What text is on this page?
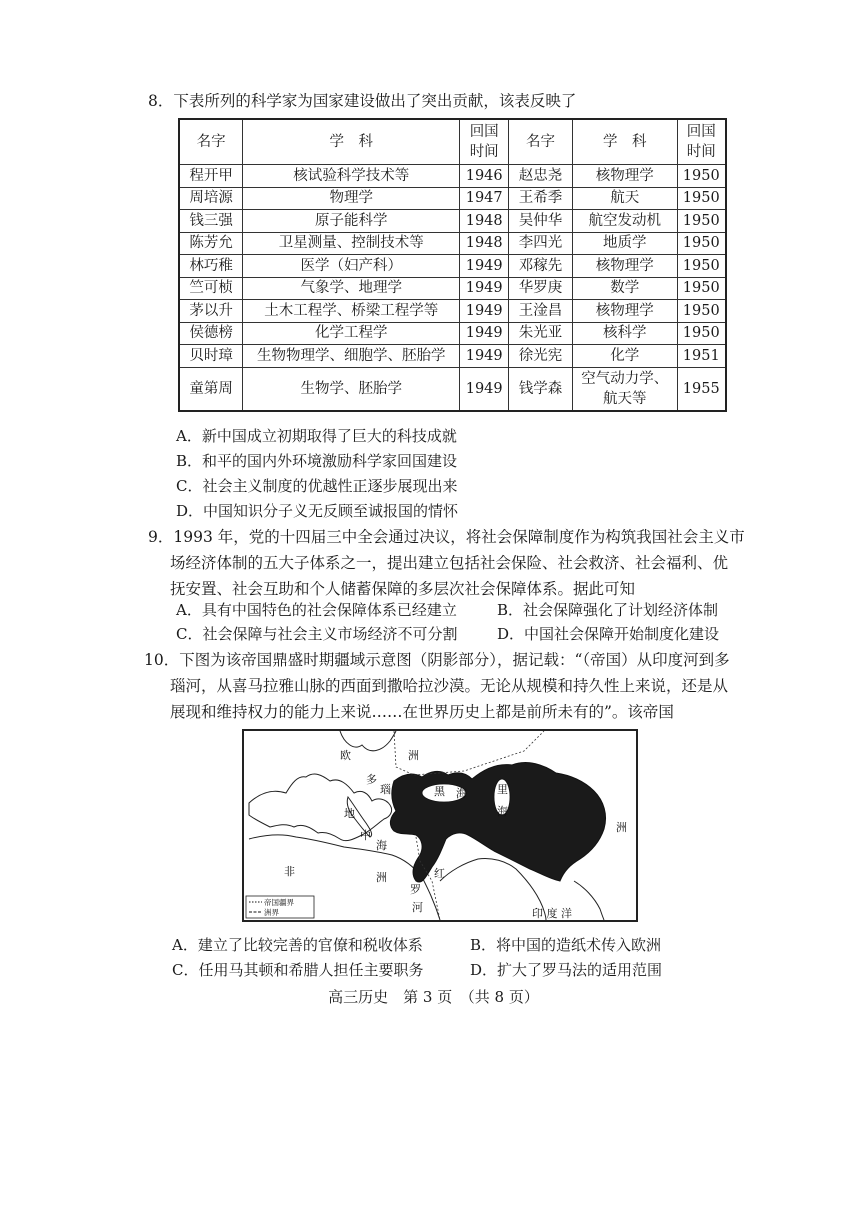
8．下表所列的科学家为国家建设做出了突出贡献，该表反映了
名字	学　科	回国时间	名字	学　科	回国时间
程开甲	核试验科学技术等	1946	赵忠尧	核物理学	1950
周培源	物理学	1947	王希季	航天	1950
钱三强	原子能科学	1948	吴仲华	航空发动机	1950
陈芳允	卫星测量、控制技术等	1948	李四光	地质学	1950
林巧稚	医学（妇产科）	1949	邓稼先	核物理学	1950
竺可桢	气象学、地理学	1949	华罗庚	数学	1950
茅以升	土木工程学、桥梁工程学等	1949	王淦昌	核物理学	1950
侯德榜	化学工程学	1949	朱光亚	核科学	1950
贝时璋	生物物理学、细胞学、胚胎学	1949	徐光宪	化学	1951
童第周	生物学、胚胎学	1949	钱学森	空气动力学、航天等	1955
A．新中国成立初期取得了巨大的科技成就
B．和平的国内外环境激励科学家回国建设
C．社会主义制度的优越性正逐步展现出来
D．中国知识分子义无反顾至诚报国的情怀
9．1993 年，党的十四届三中全会通过决议，将社会保障制度作为构筑我国社会主义市
场经济体制的五大子体系之一，提出建立包括社会保险、社会救济、社会福利、优
抚安置、社会互助和个人储蓄保障的多层次社会保障体系。据此可知
A．具有中国特色的社会保障体系已经建立	B．社会保障强化了计划经济体制
C．社会保障与社会主义市场经济不可分割	D．中国社会保障开始制度化建设
10．下图为该帝国鼎盛时期疆域示意图（阴影部分），据记载：“（帝国）从印度河到多
瑙河，从喜马拉雅山脉的西面到撒哈拉沙漠。无论从规模和持久性上来说，还是从
展现和维持权力的能力上来说……在世界历史上都是前所未有的”。该帝国
欧	洲
多
瑙	黑 海	里
海
洲
地
中
海
非	洲
罗
河
红
印 度 洋
帝国疆界
洲界
A．建立了比较完善的官僚和税收体系	B．将中国的造纸术传入欧洲
C．任用马其顿和希腊人担任主要职务	D．扩大了罗马法的适用范围
高三历史　第 3 页　（共 8 页）
